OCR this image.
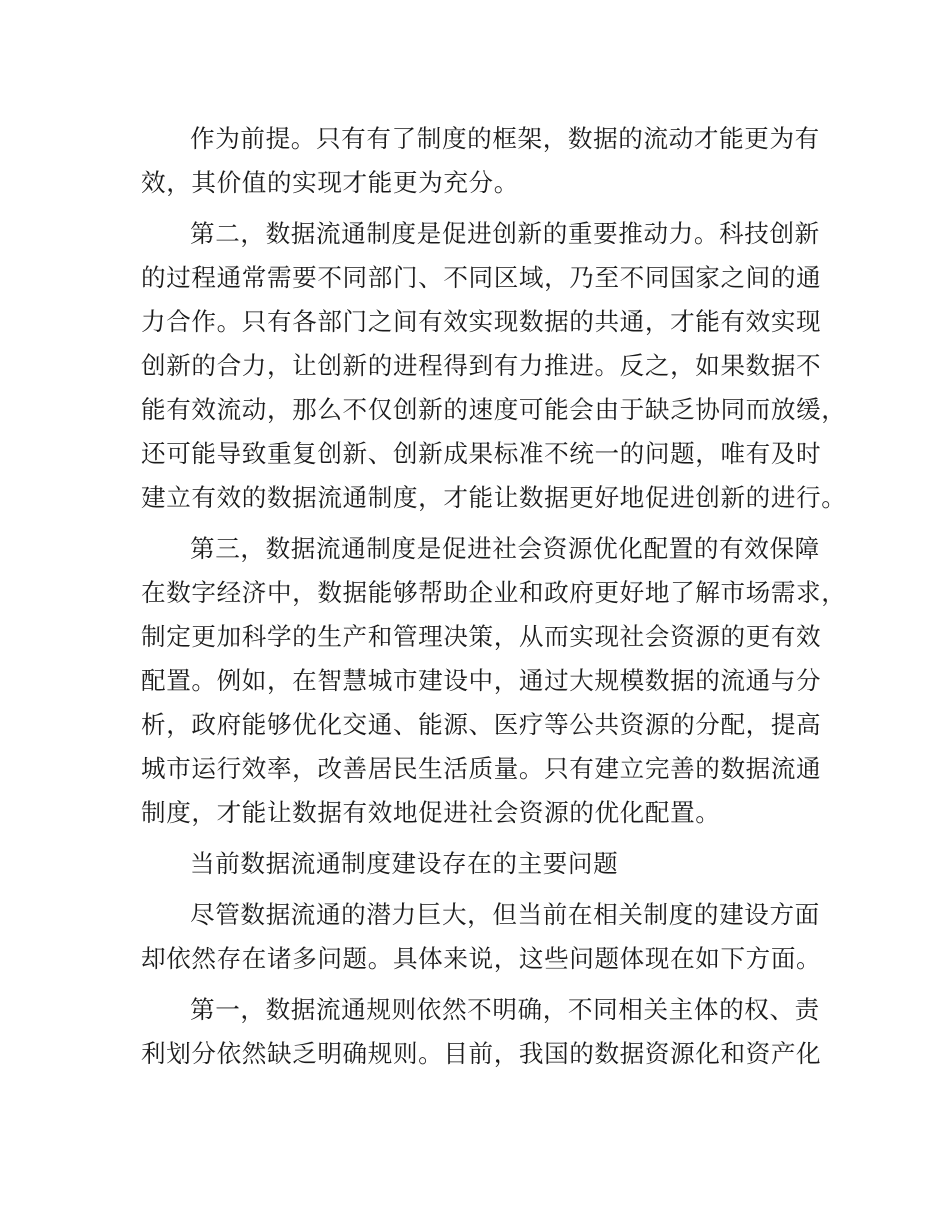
作为前提。只有有了制度的框架，数据的流动才能更为有
效，其价值的实现才能更为充分。
第二，数据流通制度是促进创新的重要推动力。科技创新
的过程通常需要不同部门、不同区域，乃至不同国家之间的通
力合作。只有各部门之间有效实现数据的共通，才能有效实现
创新的合力，让创新的进程得到有力推进。反之，如果数据不
能有效流动，那么不仅创新的速度可能会由于缺乏协同而放缓，
还可能导致重复创新、创新成果标准不统一的问题，唯有及时
建立有效的数据流通制度，才能让数据更好地促进创新的进行。
第三，数据流通制度是促进社会资源优化配置的有效保障
在数字经济中，数据能够帮助企业和政府更好地了解市场需求，
制定更加科学的生产和管理决策，从而实现社会资源的更有效
配置。例如，在智慧城市建设中，通过大规模数据的流通与分
析，政府能够优化交通、能源、医疗等公共资源的分配，提高
城市运行效率，改善居民生活质量。只有建立完善的数据流通
制度，才能让数据有效地促进社会资源的优化配置。
当前数据流通制度建设存在的主要问题
尽管数据流通的潜力巨大，但当前在相关制度的建设方面
却依然存在诸多问题。具体来说，这些问题体现在如下方面。
第一，数据流通规则依然不明确，不同相关主体的权、责
利划分依然缺乏明确规则。目前，我国的数据资源化和资产化
